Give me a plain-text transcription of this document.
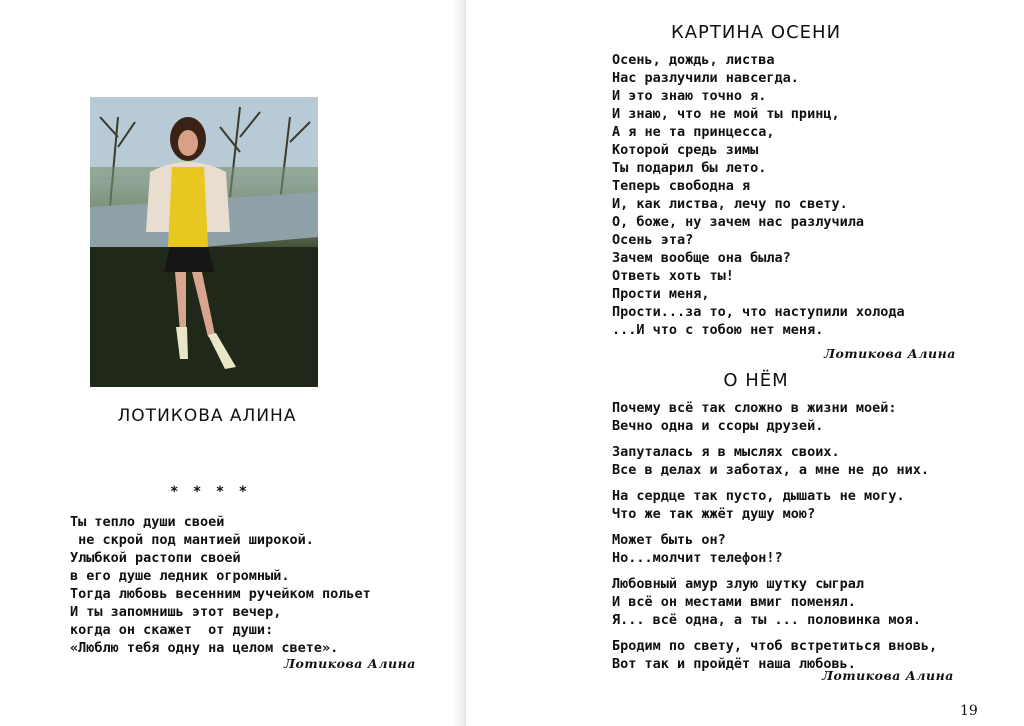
ЛОТИКОВА АЛИНА
* * * *
Ты тепло души своей
не скрой под мантией широкой.
Улыбкой растопи своей
в его душе ледник огромный.
Тогда любовь весенним ручейком польет
И ты запомнишь этот вечер,
когда он скажет  от души:
«Люблю тебя одну на целом свете».
Лотикова Алина
КАРТИНА ОСЕНИ
Осень, дождь, листва
Нас разлучили навсегда.
И это знаю точно я.
И знаю, что не мой ты принц,
А я не та принцесса,
Которой средь зимы
Ты подарил бы лето.
Теперь свободна я
И, как листва, лечу по свету.
О, боже, ну зачем нас разлучила
Осень эта?
Зачем вообще она была?
Ответь хоть ты!
Прости меня,
Прости...за то, что наступили холода
...И что с тобою нет меня.
Лотикова Алина
О НЁМ
Почему всё так сложно в жизни моей:
Вечно одна и ссоры друзей.
Запуталась я в мыслях своих.
Все в делах и заботах, а мне не до них.
На сердце так пусто, дышать не могу.
Что же так жжёт душу мою?
Может быть он?
Но...молчит телефон!?
Любовный амур злую шутку сыграл
И всё он местами вмиг поменял.
Я... всё одна, а ты ... половинка моя.
Бродим по свету, чтоб встретиться вновь,
Вот так и пройдёт наша любовь.
Лотикова Алина
19
